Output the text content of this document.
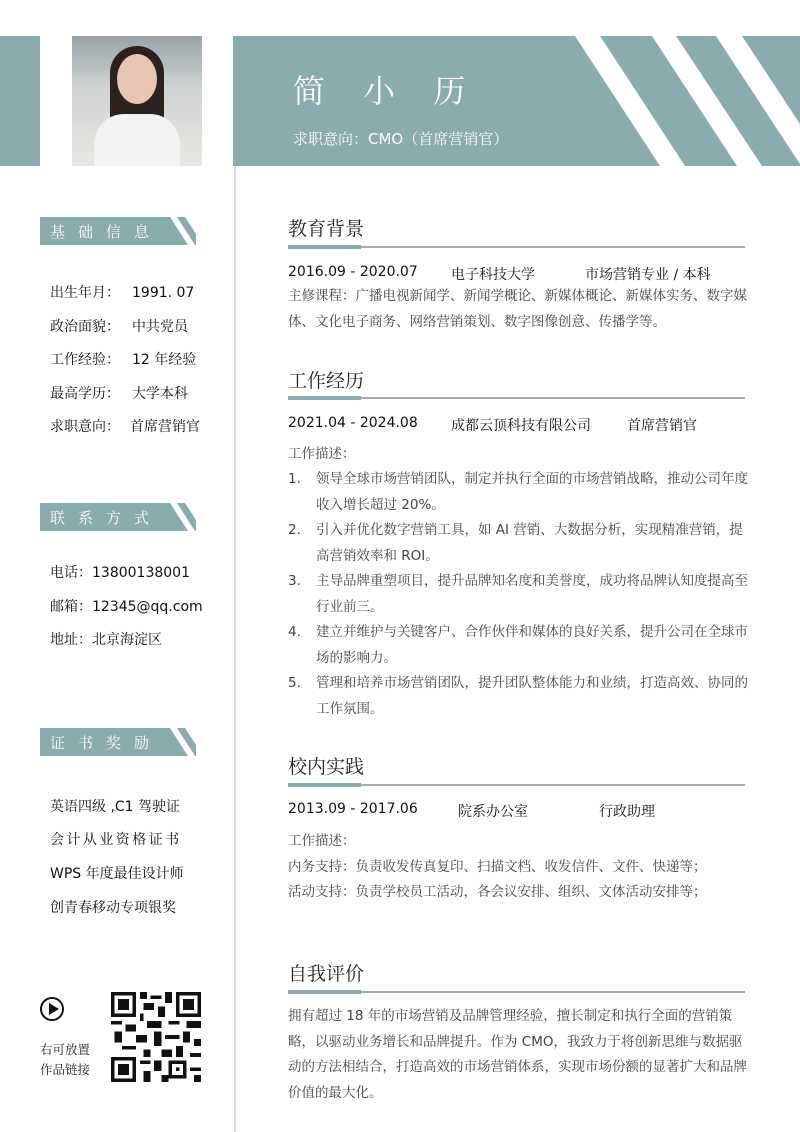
简 小 历
求职意向：CMO（首席营销官）
基础信息
出生年月： 1991. 07
政治面貌： 中共党员
工作经验： 12 年经验
最高学历： 大学本科
求职意向： 首席营销官
联系方式
电话：13800138001
邮箱：12345@qq.com
地址：北京海淀区
证书奖励
英语四级 ,C1 驾驶证
会 计 从 业 资 格 证 书
WPS 年度最佳设计师
创青春移动专项银奖
右可放置
作品链接
教育背景
2016.09 - 2020.07 电子科技大学	市场营销专业 / 本科
主修课程：广播电视新闻学、新闻学概论、新媒体概论、新媒体实务、数字媒体、文化电子商务、网络营销策划、数字图像创意、传播学等。
工作经历
2021.04 - 2024.08 成都云顶科技有限公司	首席营销官
工作描述：
1. 领导全球市场营销团队，制定并执行全面的市场营销战略，推动公司年度收入增长超过 20%。
2. 引入并优化数字营销工具，如 AI 营销、大数据分析，实现精准营销，提高营销效率和 ROI。
3. 主导品牌重塑项目，提升品牌知名度和美誉度，成功将品牌认知度提高至行业前三。
4. 建立并维护与关键客户、合作伙伴和媒体的良好关系，提升公司在全球市场的影响力。
5. 管理和培养市场营销团队，提升团队整体能力和业绩，打造高效、协同的工作氛围。
校内实践
2013.09 - 2017.06	院系办公室	行政助理
工作描述：
内务支持：负责收发传真复印、扫描文档、收发信件、文件、快递等；
活动支持：负责学校员工活动，各会议安排、组织、文体活动安排等；
自我评价
拥有超过 18 年的市场营销及品牌管理经验，擅长制定和执行全面的营销策略，以驱动业务增长和品牌提升。作为 CMO，我致力于将创新思维与数据驱动的方法相结合，打造高效的市场营销体系，实现市场份额的显著扩大和品牌价值的最大化。
